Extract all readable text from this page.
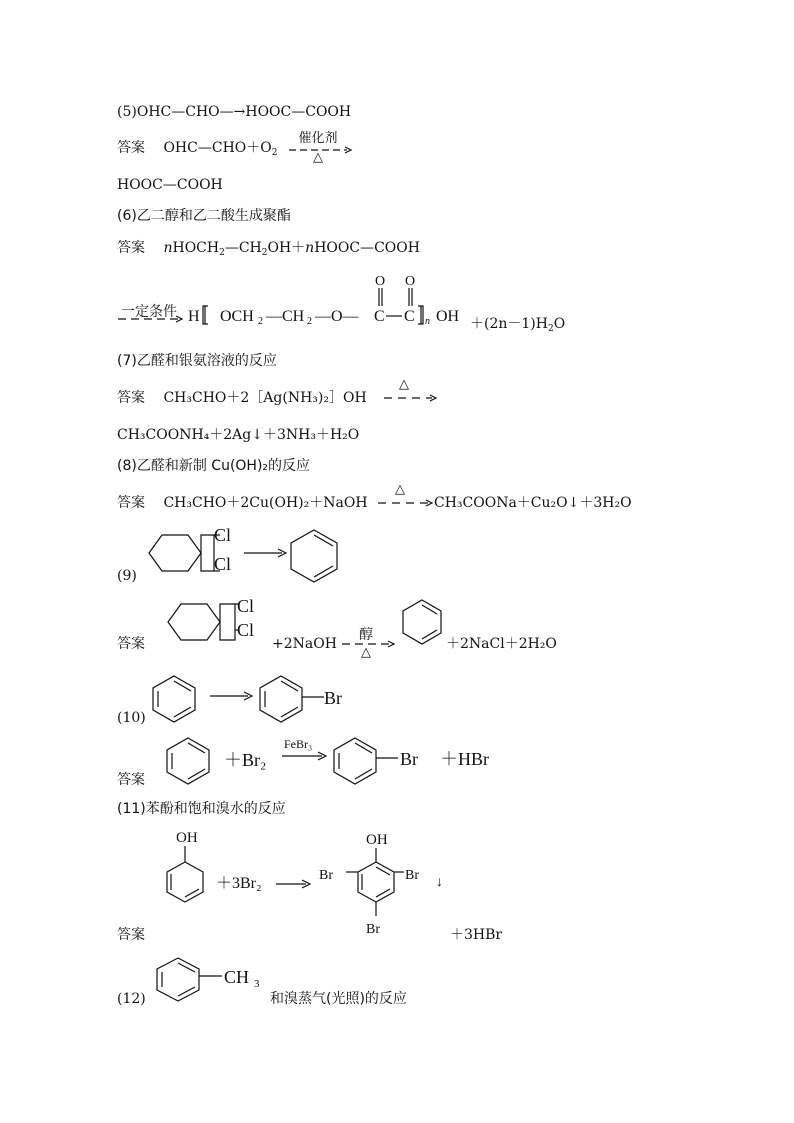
(5)OHC—CHO—→HOOC—COOH
答案 $OHC—CHO+O_2$
催化剂
△
HOOC—COOH
(6)乙二醇和乙二酸生成聚酯
答案 $nHOCH_2—CH_2OH+nHOOC—COOH$
一定条件 H OCH 2 —CH 2 —O— C C
O O
n OH $+(2n-1)H_2O$
(7)乙醛和银氨溶液的反应
答案 CH₃CHO＋2［Ag(NH₃)₂］OH
△
CH₃COONH₄＋2Ag↓＋3NH₃＋H₂O
(8)乙醛和新制 Cu(OH)₂的反应
答案 CH₃CHO＋2Cu(OH)₂＋NaOH
△
CH₃COONa＋Cu₂O↓＋3H₂O
(9)
Cl
Cl
答案
Cl
Cl
+2NaOH
醇
△
＋2NaCl＋2H₂O
(10)
Br
答案
＋Br₂
FeBr₃
Br ＋HBr
(11)苯酚和饱和溴水的反应
OH
＋3Br₂
OH
Br	Br
Br
↓
答案	＋3HBr
(12)
CH 3
和溴蒸气(光照)的反应
